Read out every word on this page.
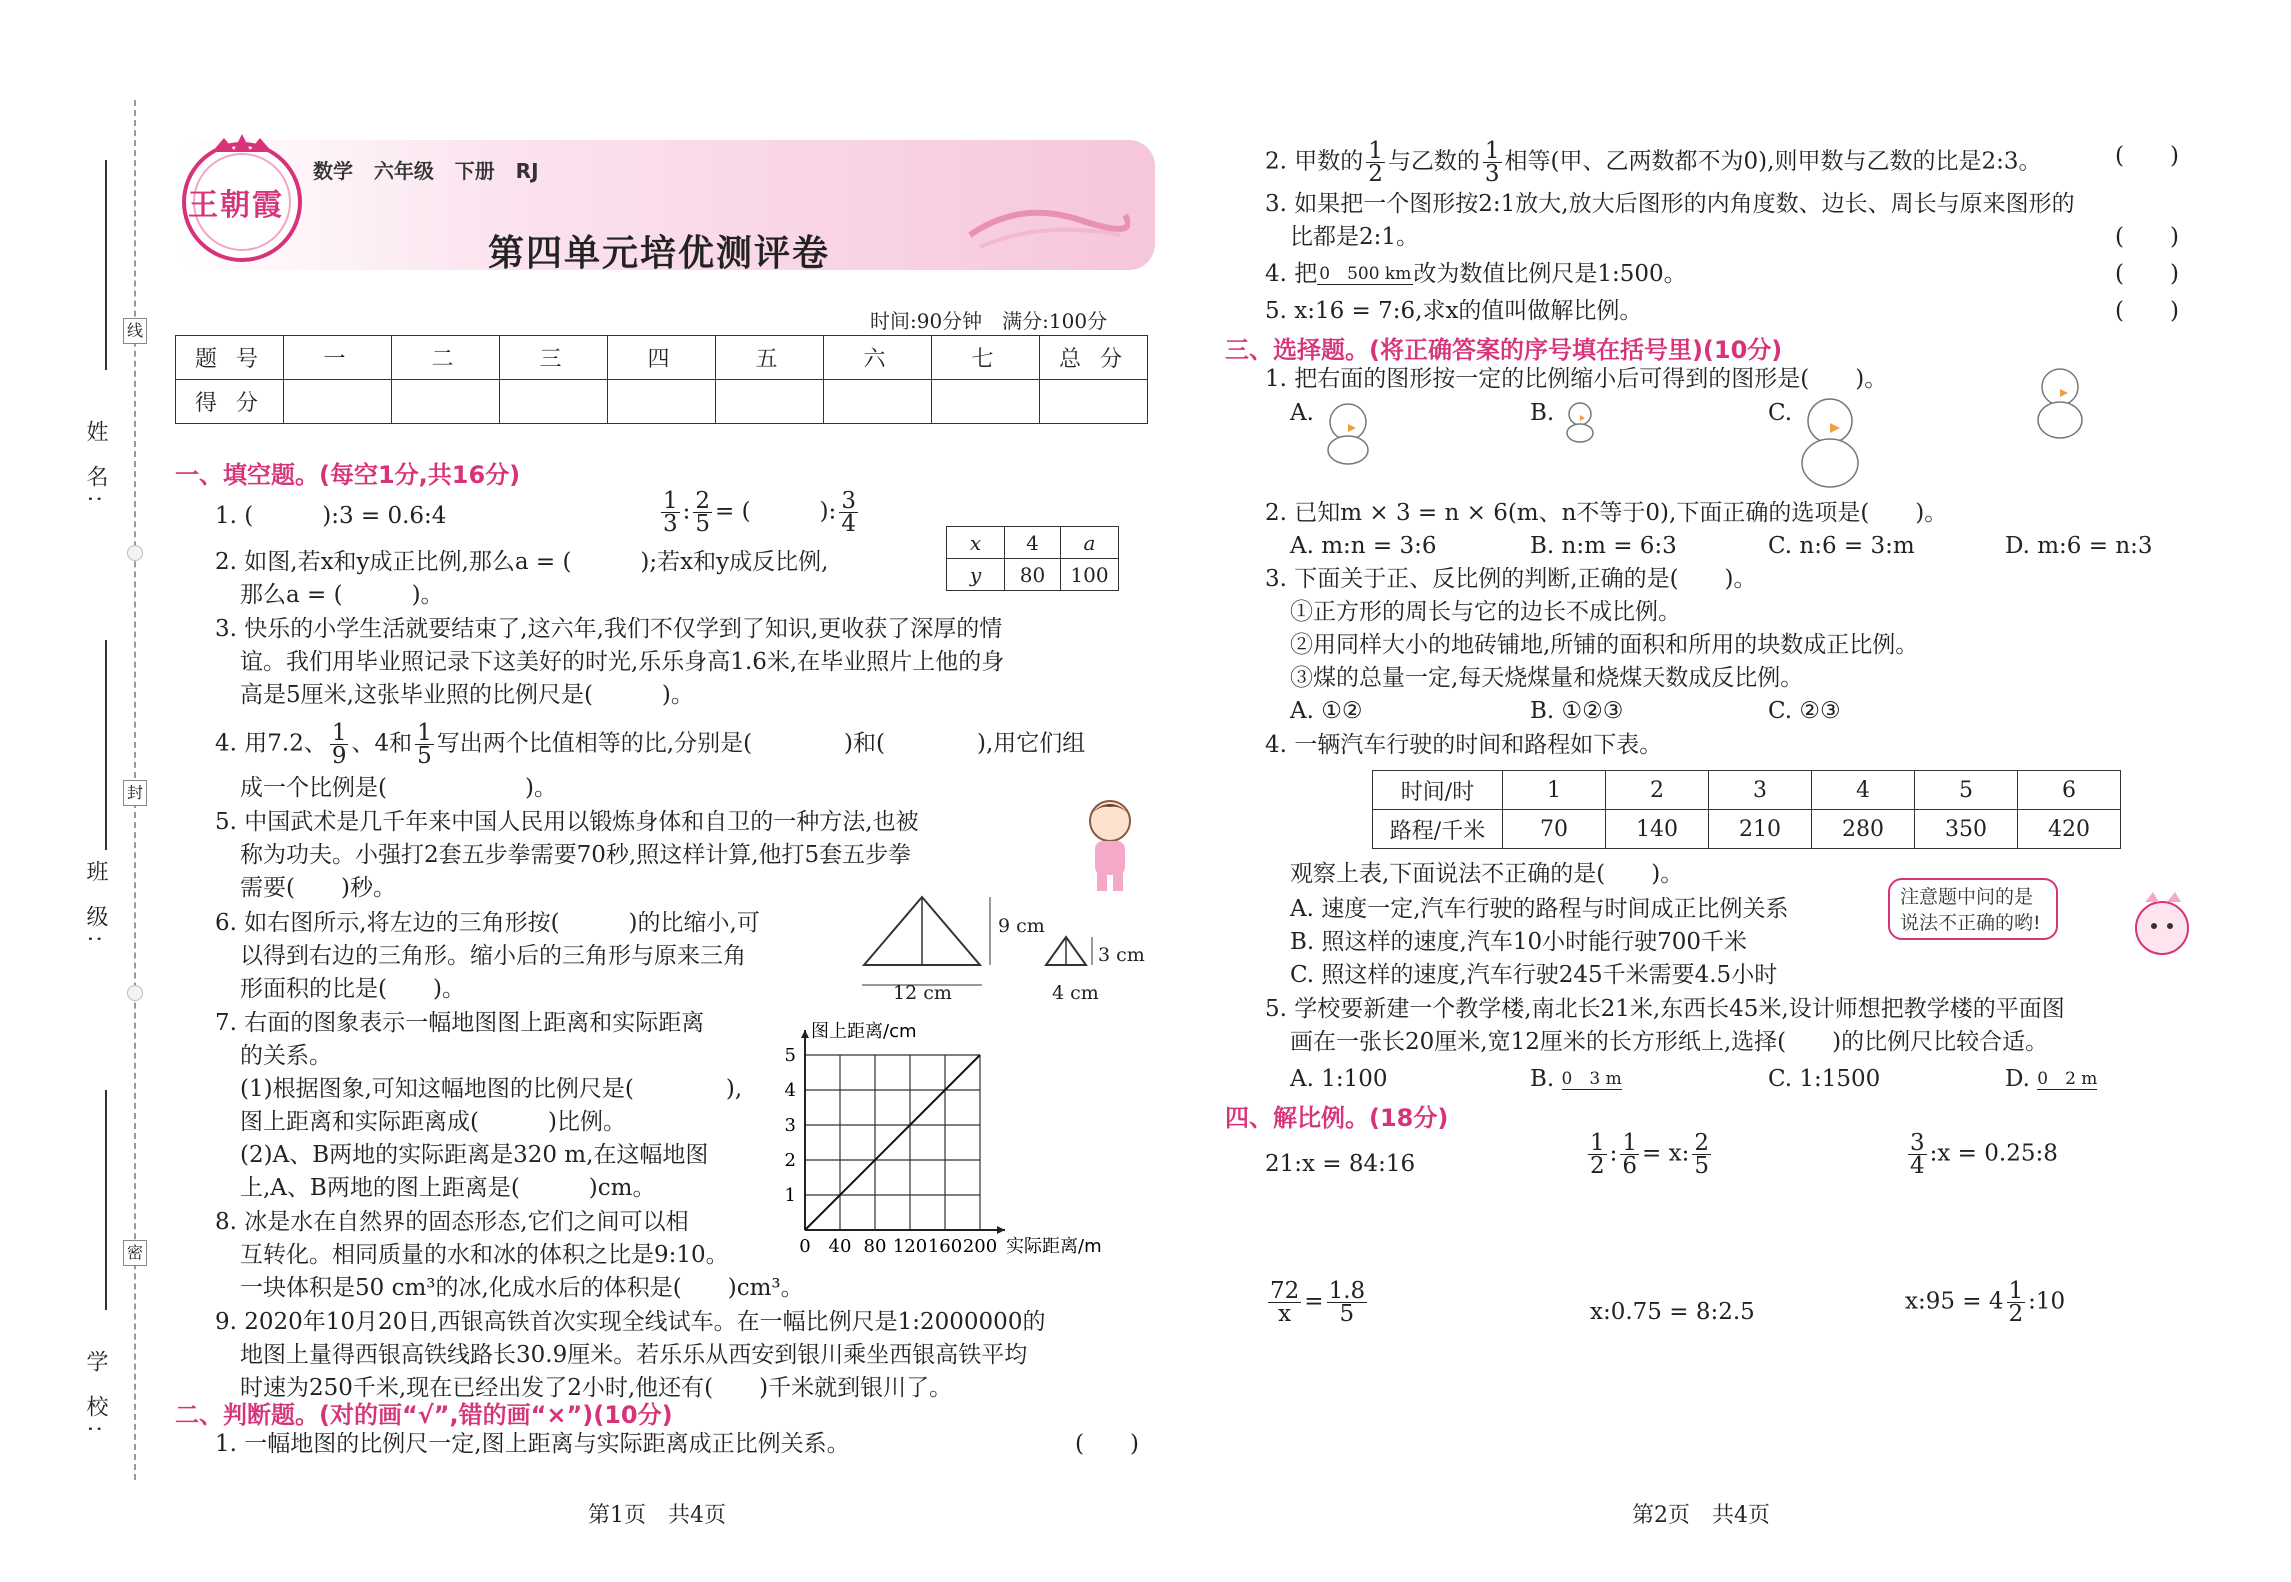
姓 名:
班 级:
学 校:
线
封
密
王朝霞
数学 六年级 下册 RJ
第四单元培优测评卷
时间:90分钟　满分:100分
题 号	一	二	三	四	五	六	七	总 分
得 分								
一、填空题。(每空1分,共16分)
1. (　　　):3 = 0.6:4	$\frac{1}{3}$ : $\frac{2}{5}$ = (　　　): $\frac{3}{4}$
2. 如图,若x和y成正比例,那么a = (　　　);若x和y成反比例,
那么a = (　　　)。
x	4	a
y	80	100
3. 快乐的小学生活就要结束了,这六年,我们不仅学到了知识,更收获了深厚的情
谊。我们用毕业照记录下这美好的时光,乐乐身高1.6米,在毕业照片上他的身
高是5厘米,这张毕业照的比例尺是(　　　)。
4. 用7.2、 $\frac{1}{9}$ 、4和 $\frac{1}{5}$ 写出两个比值相等的比,分别是(　　　　)和(　　　　),用它们组
成一个比例是(　　　　　　)。
5. 中国武术是几千年来中国人民用以锻炼身体和自卫的一种方法,也被
称为功夫。小强打2套五步拳需要70秒,照这样计算,他打5套五步拳
需要(　　)秒。
6. 如右图所示,将左边的三角形按(　　　)的比缩小,可
以得到右边的三角形。缩小后的三角形与原来三角
形面积的比是(　　)。
9 cm
12 cm
3 cm
4 cm
7. 右面的图象表示一幅地图图上距离和实际距离
的关系。
(1)根据图象,可知这幅地图的比例尺是(　　　　),
图上距离和实际距离成(　　　)比例。
(2)A、B两地的实际距离是320 m,在这幅地图
上,A、B两地的图上距离是(　　　)cm。
0 40 80 120 160 200
1
2
3
4
5
图上距离/cm
实际距离/m
8. 冰是水在自然界的固态形态,它们之间可以相
互转化。相同质量的水和冰的体积之比是9:10。
一块体积是50 cm³的冰,化成水后的体积是(　　)cm³。
9. 2020年10月20日,西银高铁首次实现全线试车。在一幅比例尺是1:2000000的
地图上量得西银高铁线路长30.9厘米。若乐乐从西安到银川乘坐西银高铁平均
时速为250千米,现在已经出发了2小时,他还有(　　)千米就到银川了。
二、判断题。(对的画“√”,错的画“×”)(10分)
1. 一幅地图的比例尺一定,图上距离与实际距离成正比例关系。	(　　)
2. 甲数的 $\frac{1}{2}$ 与乙数的 $\frac{1}{3}$ 相等(甲、乙两数都不为0),则甲数与乙数的比是2:3。	(　　)
3. 如果把一个图形按2:1放大,放大后图形的内角度数、边长、周长与原来图形的
比都是2:1。	(　　)
4. 把 $^{0 500 km}$改为数值比例尺是1:500。	(　　)
5. x:16 = 7:6,求x的值叫做解比例。	(　　)
三、选择题。(将正确答案的序号填在括号里)(10分)
1. 把右面的图形按一定的比例缩小后可得到的图形是(　　)。
A.	B.	C.
2. 已知m × 3 = n × 6(m、n不等于0),下面正确的选项是(　　)。
A. m:n = 3:6	B. n:m = 6:3	C. n:6 = 3:m	D. m:6 = n:3
3. 下面关于正、反比例的判断,正确的是(　　)。
①正方形的周长与它的边长不成比例。
②用同样大小的地砖铺地,所铺的面积和所用的块数成正比例。
③煤的总量一定,每天烧煤量和烧煤天数成反比例。
A. ①②	B. ①②③	C. ②③
4. 一辆汽车行驶的时间和路程如下表。
时间/时	1	2	3	4	5	6
路程/千米	70	140	210	280	350	420
观察上表,下面说法不正确的是(　　)。
A. 速度一定,汽车行驶的路程与时间成正比例关系
B. 照这样的速度,汽车10小时能行驶700千米
C. 照这样的速度,汽车行驶245千米需要4.5小时
注意题中问的是说法不正确的哟!
5. 学校要新建一个教学楼,南北长21米,东西长45米,设计师想把教学楼的平面图
画在一张长20厘米,宽12厘米的长方形纸上,选择(　　)的比例尺比较合适。
A. 1:100	B. $^{0 3 m}$	C. 1:1500	D. $^{0 2 m}$
四、解比例。(18分)
21:x = 84:16	$\frac{1}{2}$ : $\frac{1}{6} = x$: $\frac{2}{5}$	$\frac{3}{4}$ :x = 0.25:8
$\frac{72}{x} = \frac{1.8}{5}$	x:0.75 = 8:2.5	x:95 = $4 \frac{1}{2}$ :10
第1页　共4页	第2页　共4页
